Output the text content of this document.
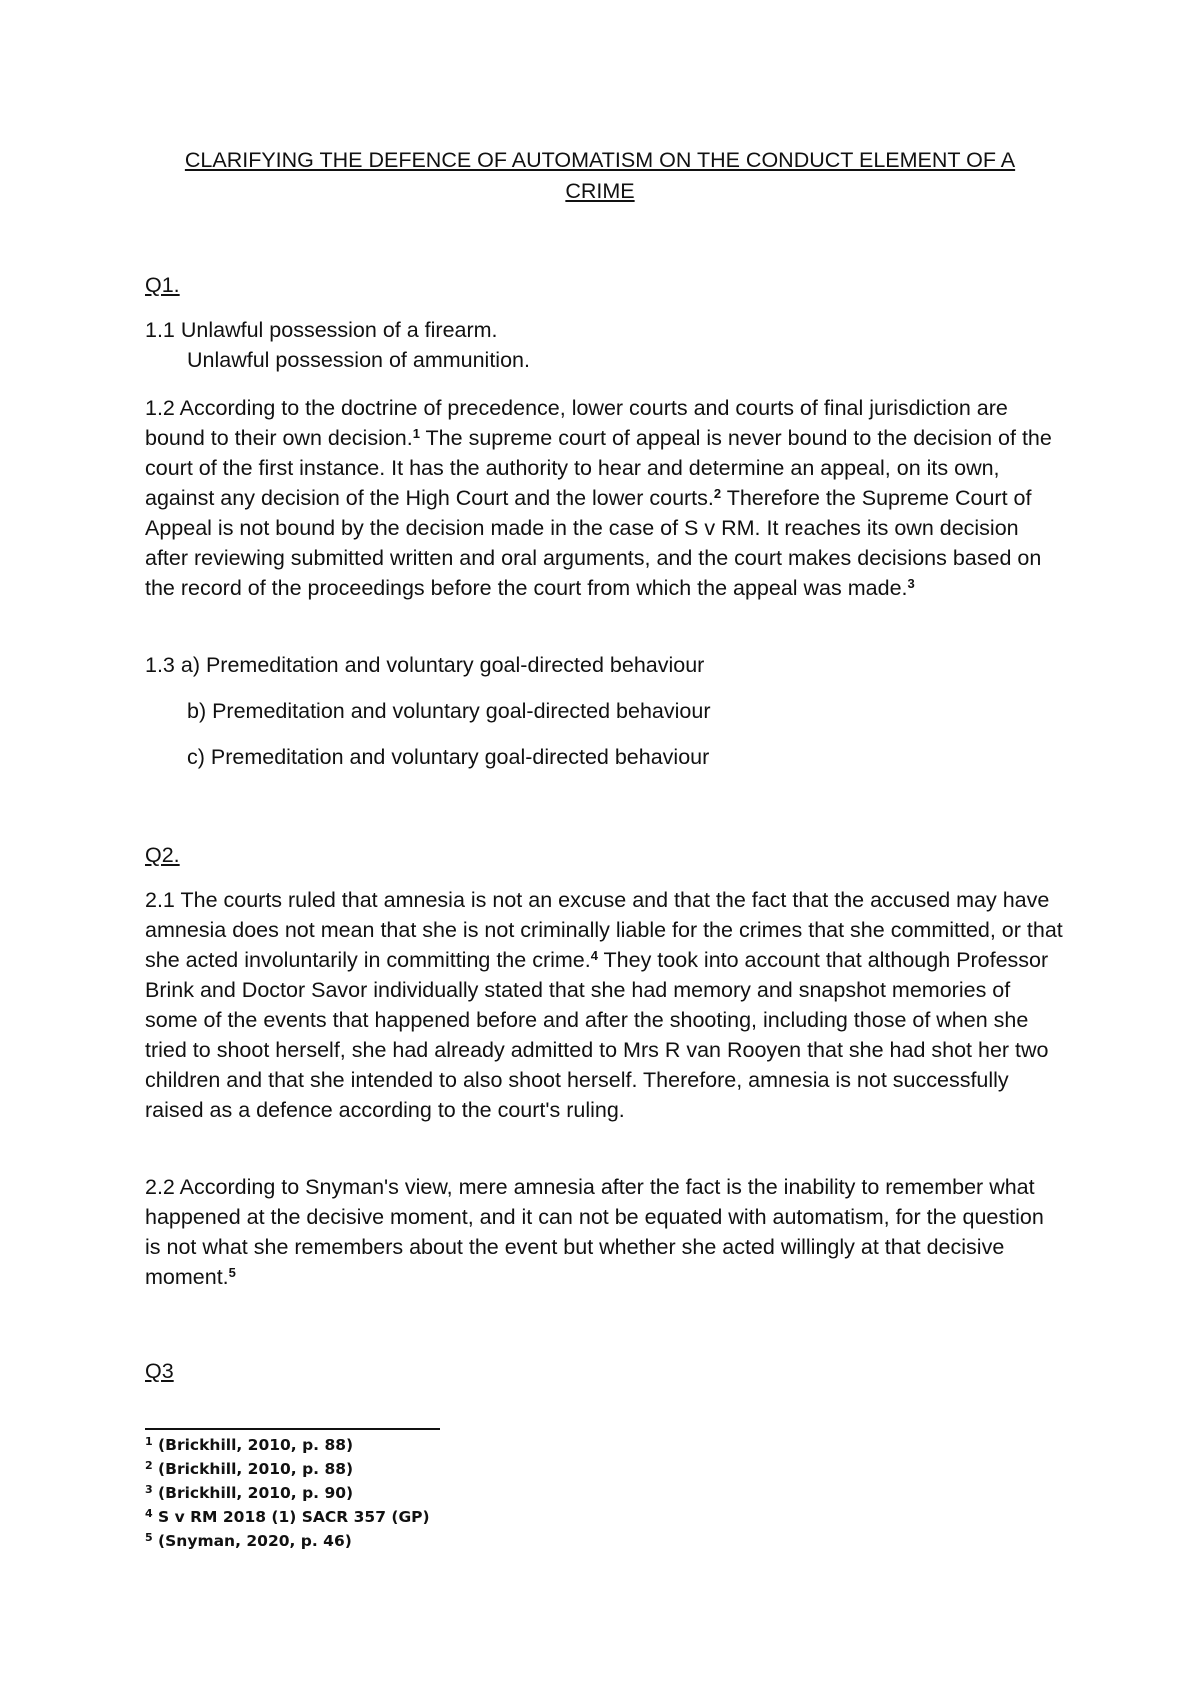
CLARIFYING THE DEFENCE OF AUTOMATISM ON THE CONDUCT ELEMENT OF A CRIME
Q1.
1.1 Unlawful possession of a firearm.
Unlawful possession of ammunition.
1.2 According to the doctrine of precedence, lower courts and courts of final jurisdiction are bound to their own decision.$^1$ The supreme court of appeal is never bound to the decision of the court of the first instance. It has the authority to hear and determine an appeal, on its own, against any decision of the High Court and the lower courts.$^2$ Therefore the Supreme Court of Appeal is not bound by the decision made in the case of S v RM. It reaches its own decision after reviewing submitted written and oral arguments, and the court makes decisions based on the record of the proceedings before the court from which the appeal was made.$^3$
1.3 a) Premeditation and voluntary goal-directed behaviour
b) Premeditation and voluntary goal-directed behaviour
c) Premeditation and voluntary goal-directed behaviour
Q2.
2.1 The courts ruled that amnesia is not an excuse and that the fact that the accused may have amnesia does not mean that she is not criminally liable for the crimes that she committed, or that she acted involuntarily in committing the crime.$^4$ They took into account that although Professor Brink and Doctor Savor individually stated that she had memory and snapshot memories of some of the events that happened before and after the shooting, including those of when she tried to shoot herself, she had already admitted to Mrs R van Rooyen that she had shot her two children and that she intended to also shoot herself. Therefore, amnesia is not successfully raised as a defence according to the court's ruling.
2.2 According to Snyman's view, mere amnesia after the fact is the inability to remember what happened at the decisive moment, and it can not be equated with automatism, for the question is not what she remembers about the event but whether she acted willingly at that decisive moment.$^5$
Q3
$^1$ (Brickhill, 2010, p. 88)
$^2$ (Brickhill, 2010, p. 88)
$^3$ (Brickhill, 2010, p. 90)
$^4$ S v RM 2018 (1) SACR 357 (GP)
$^5$ (Snyman, 2020, p. 46)
